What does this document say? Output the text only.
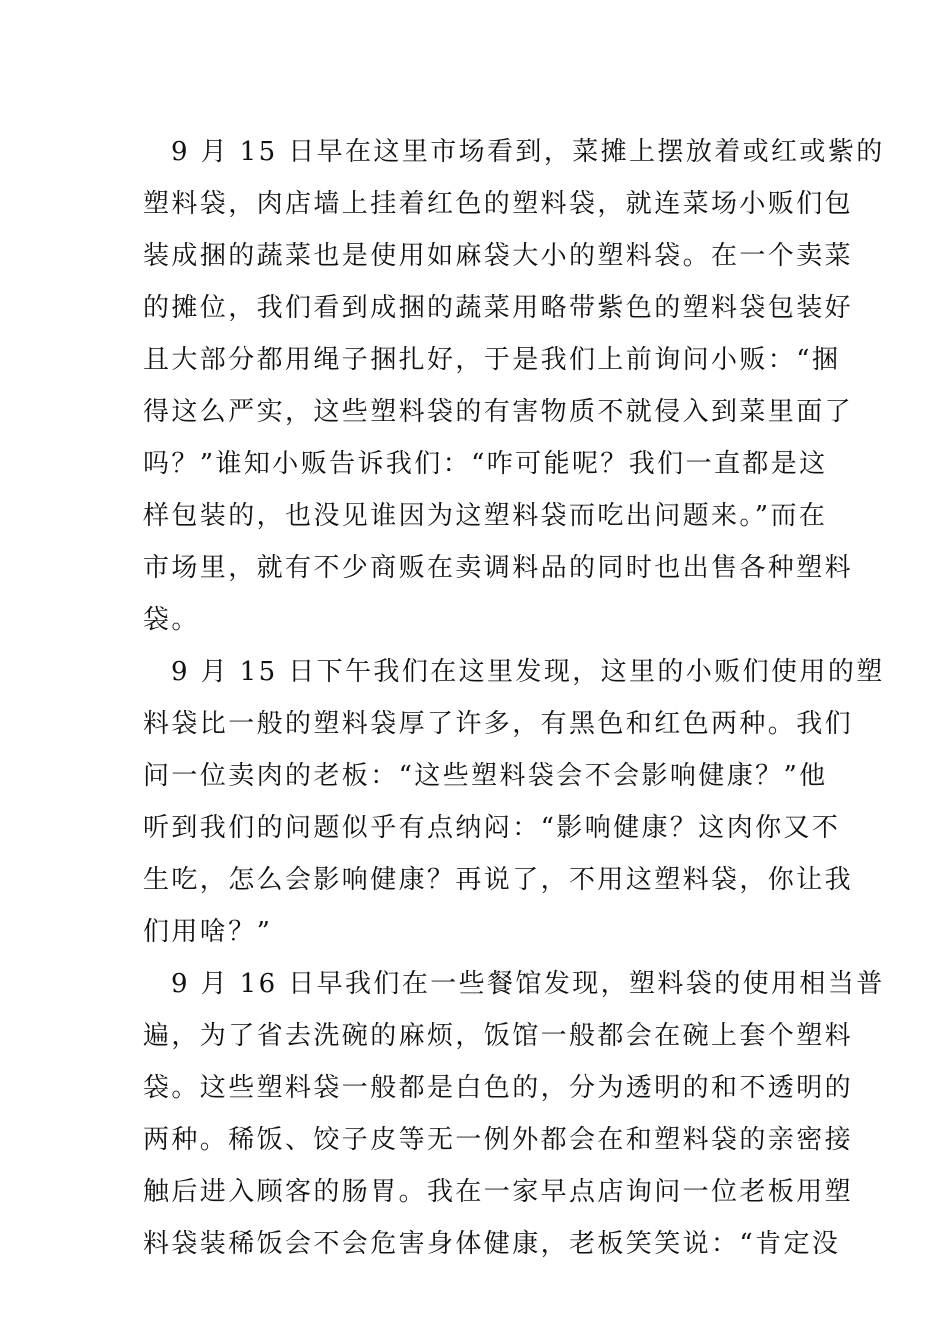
9 月 15 日早在这里市场看到，菜摊上摆放着或红或紫的
塑料袋，肉店墙上挂着红色的塑料袋，就连菜场小贩们包
装成捆的蔬菜也是使用如麻袋大小的塑料袋。在一个卖菜
的摊位，我们看到成捆的蔬菜用略带紫色的塑料袋包装好
且大部分都用绳子捆扎好，于是我们上前询问小贩：“捆
得这么严实，这些塑料袋的有害物质不就侵入到菜里面了
吗？”谁知小贩告诉我们：“咋可能呢？我们一直都是这
样包装的，也没见谁因为这塑料袋而吃出问题来。”而在
市场里，就有不少商贩在卖调料品的同时也出售各种塑料
袋。
9 月 15 日下午我们在这里发现，这里的小贩们使用的塑
料袋比一般的塑料袋厚了许多，有黑色和红色两种。我们
问一位卖肉的老板：“这些塑料袋会不会影响健康？”他
听到我们的问题似乎有点纳闷：“影响健康？这肉你又不
生吃，怎么会影响健康？再说了，不用这塑料袋，你让我
们用啥？”
9 月 16 日早我们在一些餐馆发现，塑料袋的使用相当普
遍，为了省去洗碗的麻烦，饭馆一般都会在碗上套个塑料
袋。这些塑料袋一般都是白色的，分为透明的和不透明的
两种。稀饭、饺子皮等无一例外都会在和塑料袋的亲密接
触后进入顾客的肠胃。我在一家早点店询问一位老板用塑
料袋装稀饭会不会危害身体健康，老板笑笑说：“肯定没
